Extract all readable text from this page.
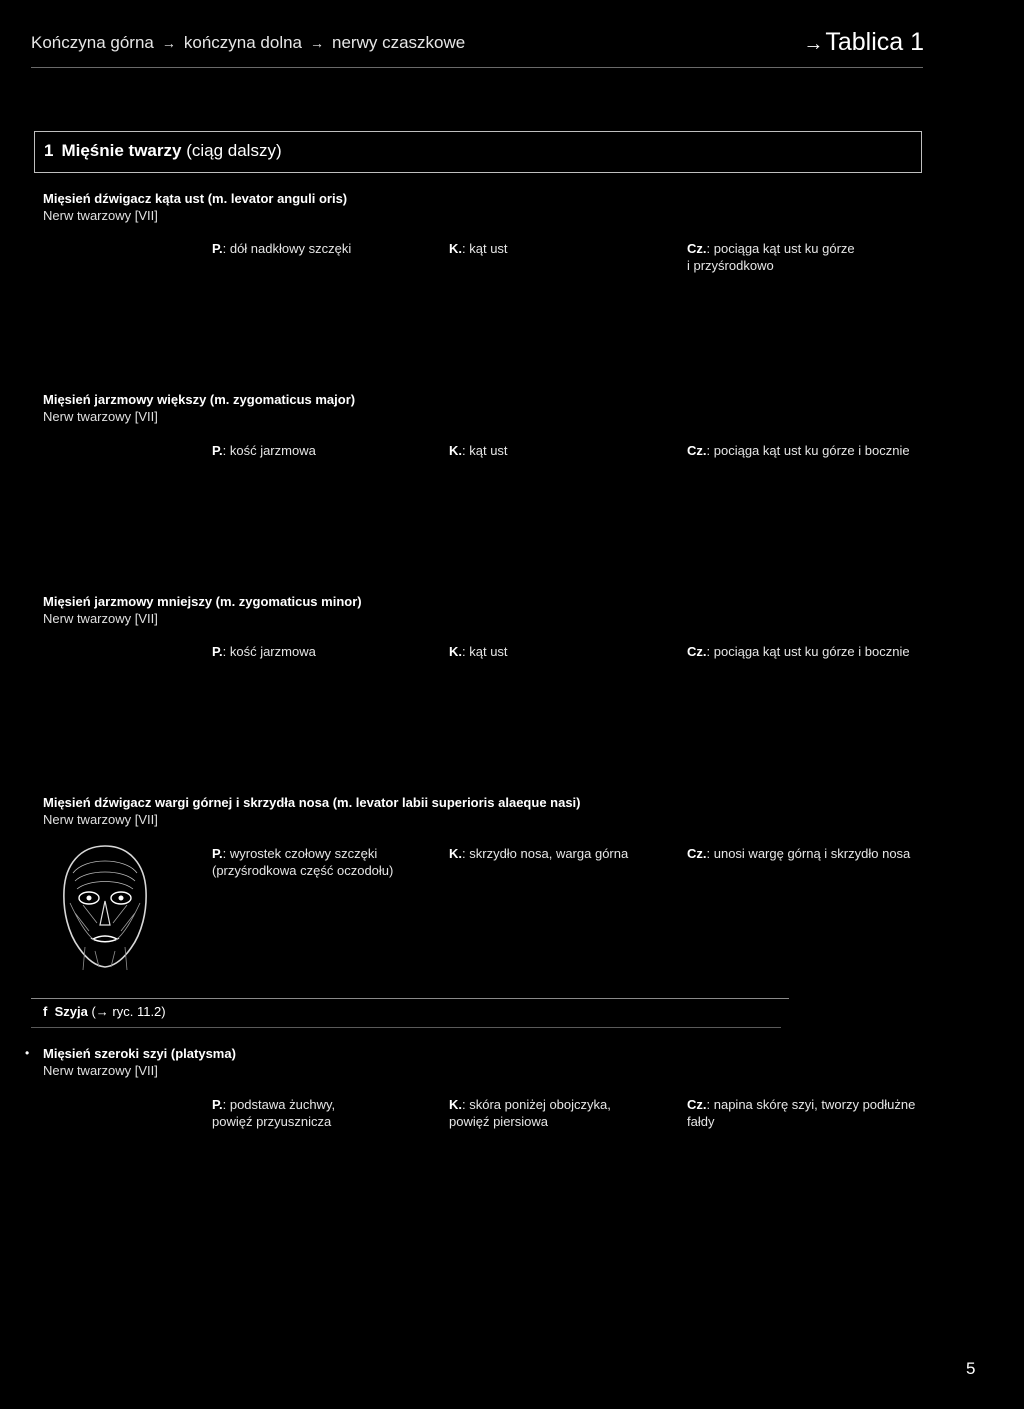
Kończyna górna → kończyna dolna → nerwy czaszkowe	→Tablica 1
1 Mięśnie twarzy (ciąg dalszy)
Mięsień dźwigacz kąta ust (m. levator anguli oris)
Nerw twarzowy [VII]
P.: dół nadkłowy szczęki	K.: kąt ust	Cz.: pociąga kąt ust ku górze
i przyśrodkowo
Mięsień jarzmowy większy (m. zygomaticus major)
Nerw twarzowy [VII]
P.: kość jarzmowa	K.: kąt ust	Cz.: pociąga kąt ust ku górze i bocznie
Mięsień jarzmowy mniejszy (m. zygomaticus minor)
Nerw twarzowy [VII]
P.: kość jarzmowa	K.: kąt ust	Cz.: pociąga kąt ust ku górze i bocznie
Mięsień dźwigacz wargi górnej i skrzydła nosa (m. levator labii superioris alaeque nasi)
Nerw twarzowy [VII]
P.: wyrostek czołowy szczęki
(przyśrodkowa część oczodołu)
K.: skrzydło nosa, warga górna	Cz.: unosi wargę górną i skrzydło nosa
f Szyja (→ ryc. 11.2)
• Mięsień szeroki szyi (platysma)
Nerw twarzowy [VII]
P.: podstawa żuchwy,
powięź przyusznicza
K.: skóra poniżej obojczyka,
powięź piersiowa
Cz.: napina skórę szyi, tworzy podłużne
fałdy
5
